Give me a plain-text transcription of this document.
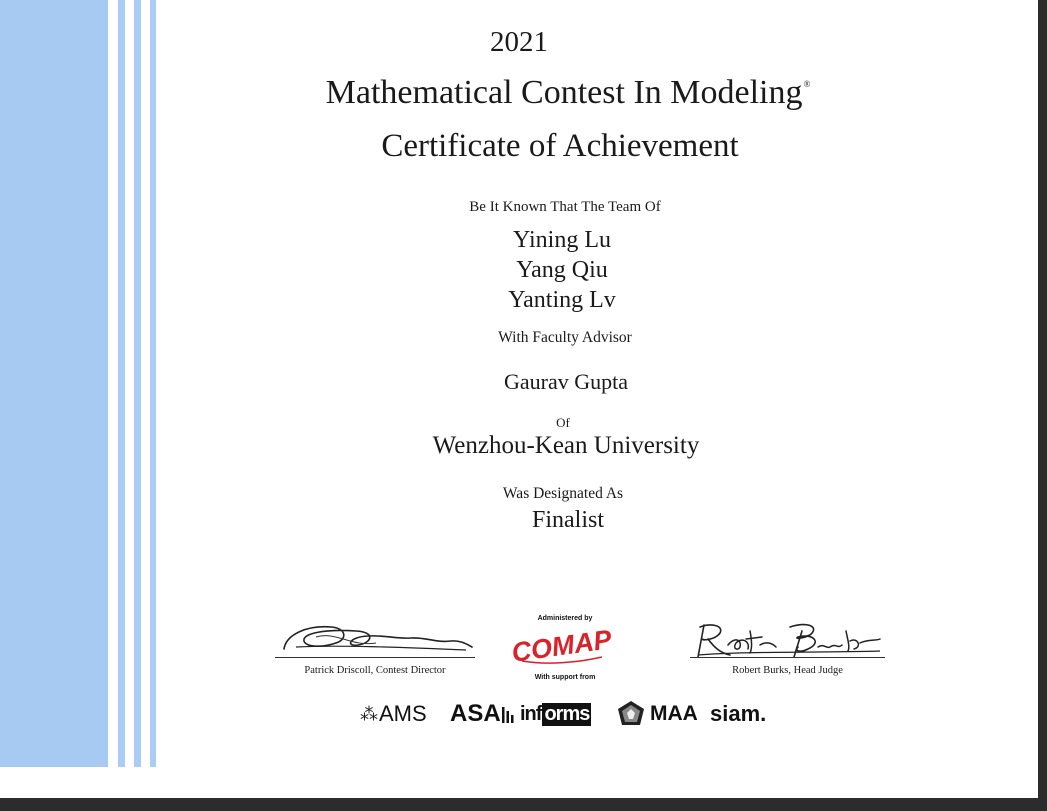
2021
Mathematical Contest In Modeling®
Certificate of Achievement
Be It Known That The Team Of
Yining Lu
Yang Qiu
Yanting Lv
With Faculty Advisor
Gaurav Gupta
Of
Wenzhou-Kean University
Was Designated As
Finalist
Patrick Driscoll, Contest Director
Administered by
COMAP
With support from
Robert Burks, Head Judge
⁂ AMS ASA inf orms	MAA siam.
